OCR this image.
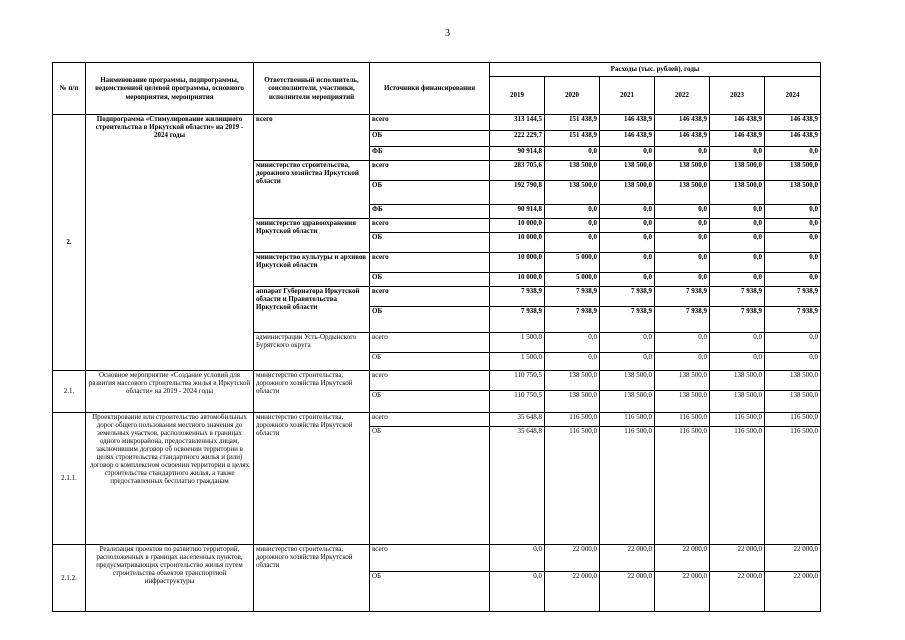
3
№ п/п	Наименование программы, подпрограммы, ведомственной целевой программы, основного мероприятия, мероприятия	Ответственный исполнитель, соисполнители, участники, исполнители мероприятий	Источники финансирования	Расходы (тыс. рублей), годы					
				2019	2020	2021	2022	2023	2024
2.	Подпрограмма «Стимулирование жилищного строительства в Иркутской области» на 2019 - 2024 годы	всего	всего	313 144,5	151 438,9	146 438,9	146 438,9	146 438,9	146 438,9
			ОБ	222 229,7	151 438,9	146 438,9	146 438,9	146 438,9	146 438,9
			ФБ	90 914,8	0,0	0,0	0,0	0,0	0,0
		министерство строительства, дорожного хозяйства Иркутской области	всего	283 705,6	138 500,0	138 500,0	138 500,0	138 500,0	138 500,0
			ОБ	192 790,8	138 500,0	138 500,0	138 500,0	138 500,0	138 500,0
			ФБ	90 914,8	0,0	0,0	0,0	0,0	0,0
		министерство здравоохранения Иркутской области	всего	10 000,0	0,0	0,0	0,0	0,0	0,0
			ОБ	10 000,0	0,0	0,0	0,0	0,0	0,0
		министерство культуры и архивов Иркутской области	всего	10 000,0	5 000,0	0,0	0,0	0,0	0,0
			ОБ	10 000,0	5 000,0	0,0	0,0	0,0	0,0
		аппарат Губернатора Иркутской области и Правительства Иркутской области	всего	7 938,9	7 938,9	7 938,9	7 938,9	7 938,9	7 938,9
			ОБ	7 938,9	7 938,9	7 938,9	7 938,9	7 938,9	7 938,9
		администрации Усть-Ордынского Бурятского округа	всего	1 500,0	0,0	0,0	0,0	0,0	0,0
			ОБ	1 500,0	0,0	0,0	0,0	0,0	0,0
2.1.	Основное мероприятие «Создание условий для развития массового строительства жилья в Иркутской области» на 2019 - 2024 годы	министерство строительства, дорожного хозяйства Иркутской области	всего	110 750,5	138 500,0	138 500,0	138 500,0	138 500,0	138 500,0
			ОБ	110 750,5	138 500,0	138 500,0	138 500,0	138 500,0	138 500,0
2.1.1.	Проектирование или строительство автомобильных дорог общего пользования местного значения до земельных участков, расположенных в границах одного микрорайона, предоставленных лицам, заключившим договор об освоении территории в целях строительства стандартного жилья и (или) договор о комплексном освоении территории в целях строительства стандартного жилья, а также предоставленных бесплатно гражданам	министерство строительства, дорожного хозяйства Иркутской области	всего	35 648,8	116 500,0	116 500,0	116 500,0	116 500,0	116 500,0
			ОБ	35 648,8	116 500,0	116 500,0	116 500,0	116 500,0	116 500,0
2.1.2.	Реализация проектов по развитию территорий, расположенных в границах населенных пунктов, предусматривающих строительство жилья путем строительства объектов транспортной инфраструктуры	министерство строительства, дорожного хозяйства Иркутской области	всего	0,0	22 000,0	22 000,0	22 000,0	22 000,0	22 000,0
			ОБ	0,0	22 000,0	22 000,0	22 000,0	22 000,0	22 000,0
